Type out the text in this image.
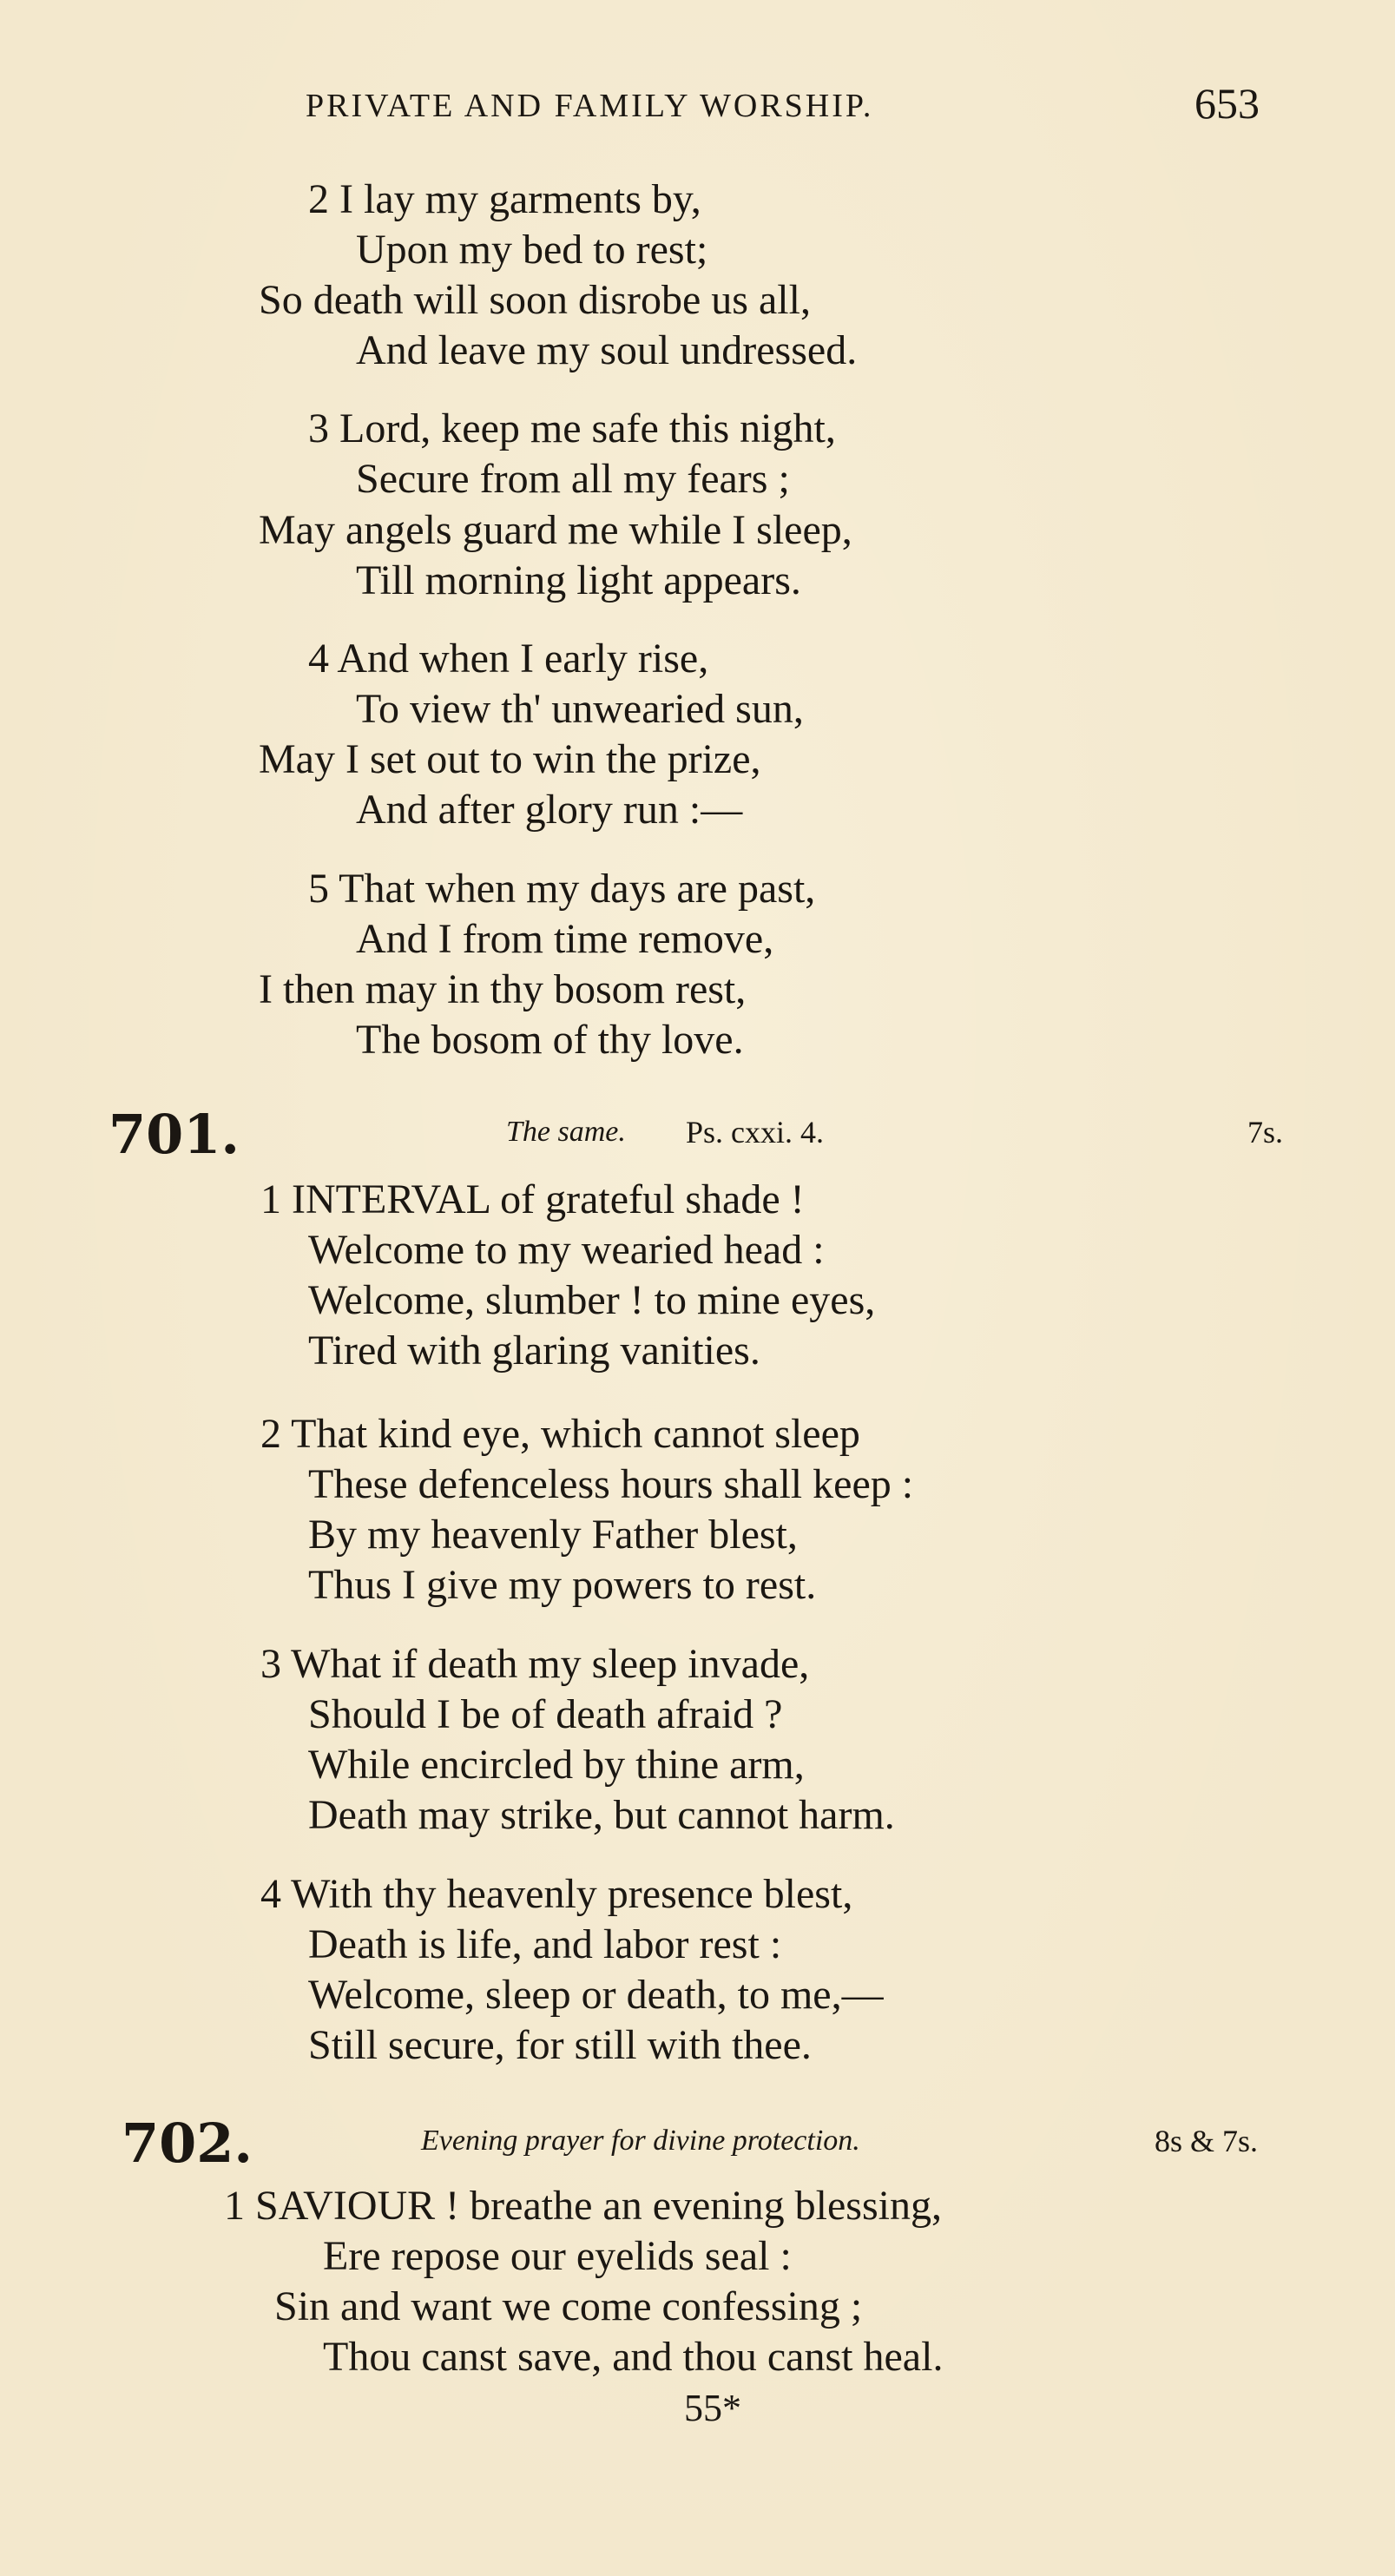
PRIVATE AND FAMILY WORSHIP.	653
2 I lay my garments by,
Upon my bed to rest;
So death will soon disrobe us all,
And leave my soul undressed.
3 Lord, keep me safe this night,
Secure from all my fears ;
May angels guard me while I sleep,
Till morning light appears.
4 And when I early rise,
To view th' unwearied sun,
May I set out to win the prize,
And after glory run :—
5 That when my days are past,
And I from time remove,
I then may in thy bosom rest,
The bosom of thy love.
701.	The same. Ps. cxxi. 4.	7s.
1 INTERVAL of grateful shade !
Welcome to my wearied head :
Welcome, slumber ! to mine eyes,
Tired with glaring vanities.
2 That kind eye, which cannot sleep
These defenceless hours shall keep :
By my heavenly Father blest,
Thus I give my powers to rest.
3 What if death my sleep invade,
Should I be of death afraid ?
While encircled by thine arm,
Death may strike, but cannot harm.
4 With thy heavenly presence blest,
Death is life, and labor rest :
Welcome, sleep or death, to me,—
Still secure, for still with thee.
702.	Evening prayer for divine protection.	8s & 7s.
1 SAVIOUR ! breathe an evening blessing,
Ere repose our eyelids seal :
Sin and want we come confessing ;
Thou canst save, and thou canst heal.
55*
